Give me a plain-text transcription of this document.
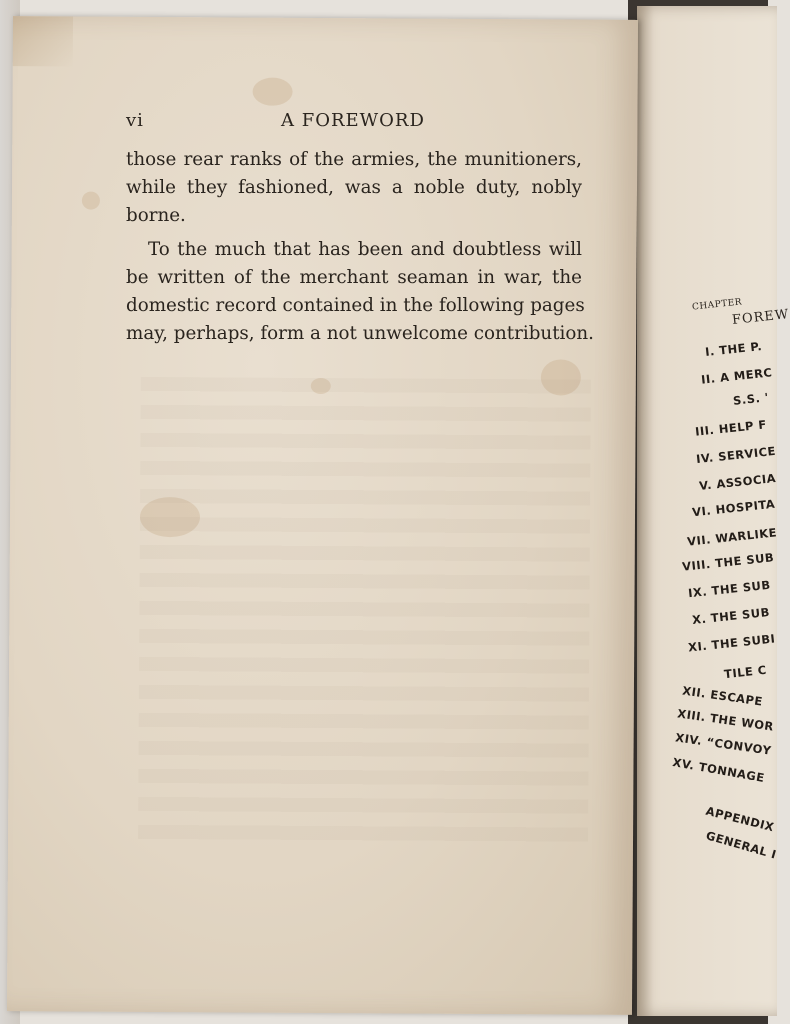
CHAPTER
FOREW
I. THE P.
II. A MERC
S.S. '
III. HELP F
IV. SERVICE
V. ASSOCIA
VI. HOSPITA
VII. WARLIKE
VIII. THE SUB
IX. THE SUB
X. THE SUB
XI. THE SUBI
TILE C
XII. ESCAPE
XIII. THE WOR
XIV. “CONVOY
XV. TONNAGE
APPENDIX
GENERAL I
vi	A FOREWORD
those rear ranks of the armies, the munitioners,
while they fashioned, was a noble duty, nobly
borne.
To the much that has been and doubtless will
be written of the merchant seaman in war, the
domestic record contained in the following pages
may, perhaps, form a not unwelcome contribution.
